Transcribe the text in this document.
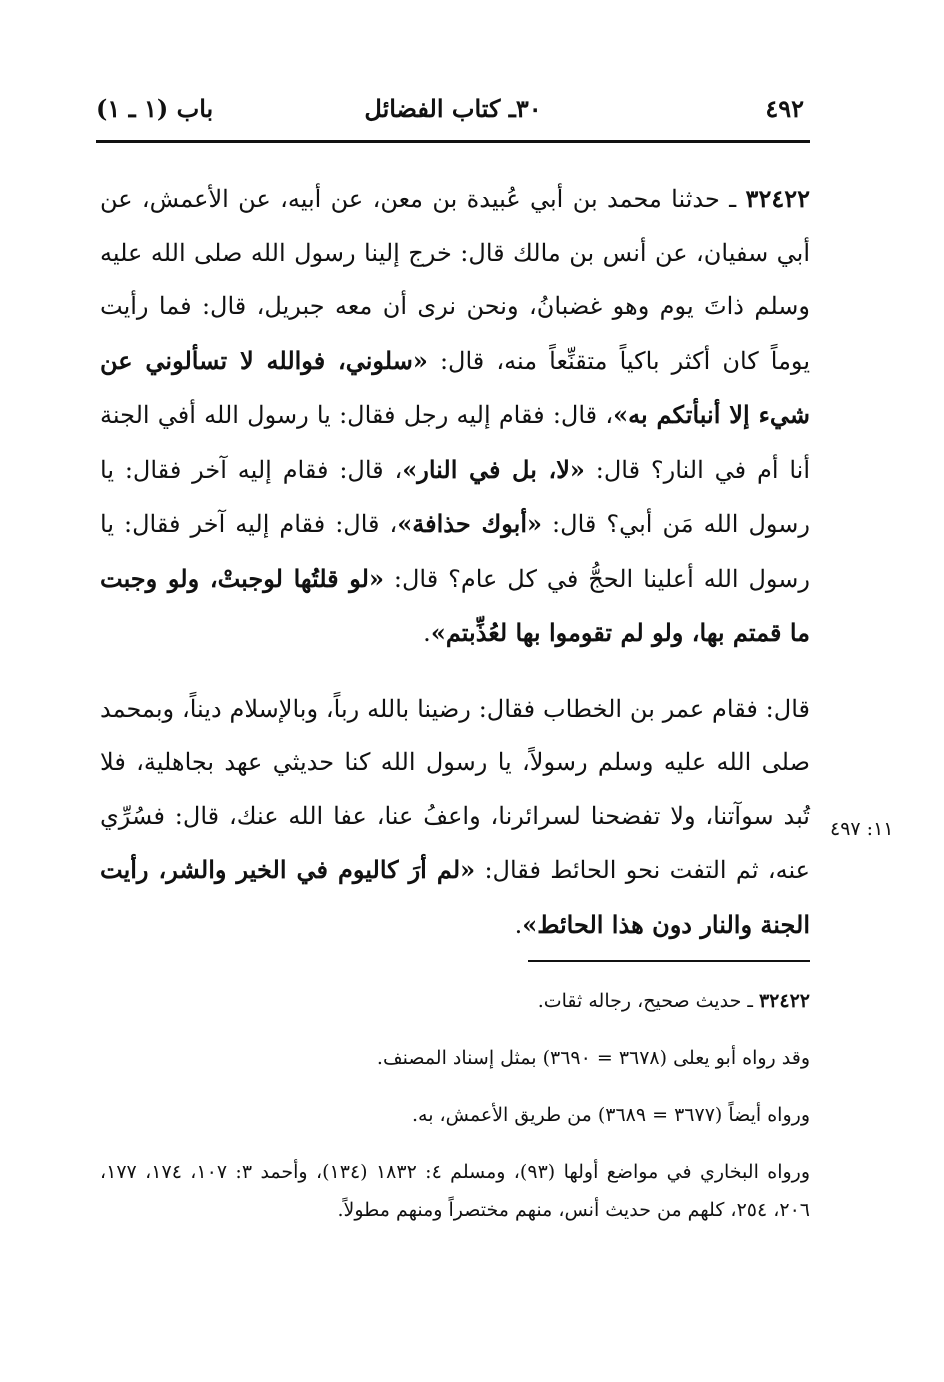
٤٩٢
٣٠ـ كتاب الفضائل
باب (١ ـ ١)

٣٢٤٢٢ ـ حدثنا محمد بن أبي عُبيدة بن معن، عن أبيه، عن الأعمش، عن أبي سفيان، عن أنس بن مالك قال: خرج إلينا رسول الله صلى الله عليه وسلم ذاتَ يوم وهو غضبانُ، ونحن نرى أن معه جبريل، قال: فما رأيت يوماً كان أكثر باكياً متقنِّعاً منه، قال: «سلوني، فوالله لا تسألوني عن شيء إلا أنبأتكم به»، قال: فقام إليه رجل فقال: يا رسول الله أفي الجنة أنا أم في النار؟ قال: «لا، بل في النار»، قال: فقام إليه آخر فقال: يا رسول الله مَن أبي؟ قال: «أبوك حذافة»، قال: فقام إليه آخر فقال: يا رسول الله أعلينا الحجُّ في كل عام؟ قال: «لو قلتُها لوجبتْ، ولو وجبت ما قمتم بها، ولو لم تقوموا بها لعُذِّبتم».

قال: فقام عمر بن الخطاب فقال: رضينا بالله رباً، وبالإسلام ديناً، وبمحمد صلى الله عليه وسلم رسولاً، يا رسول الله كنا حديثي عهد بجاهلية، فلا تُبد سوآتنا، ولا تفضحنا لسرائرنا، واعفُ عنا، عفا الله عنك، قال: فسُرِّي عنه، ثم التفت نحو الحائط فقال: «لم أرَ كاليوم في الخير والشر، رأيت الجنة والنار دون هذا الحائط».

١١: ٤٩٧

٣٢٤٢٢ ـ حديث صحيح، رجاله ثقات.

وقد رواه أبو يعلى (٣٦٧٨ = ٣٦٩٠) بمثل إسناد المصنف.

ورواه أيضاً (٣٦٧٧ = ٣٦٨٩) من طريق الأعمش، به.

ورواه البخاري في مواضع أولها (٩٣)، ومسلم ٤: ١٨٣٢ (١٣٤)، وأحمد ٣: ١٠٧، ١٧٤، ١٧٧، ٢٠٦، ٢٥٤، كلهم من حديث أنس، منهم مختصراً ومنهم مطولاً.
